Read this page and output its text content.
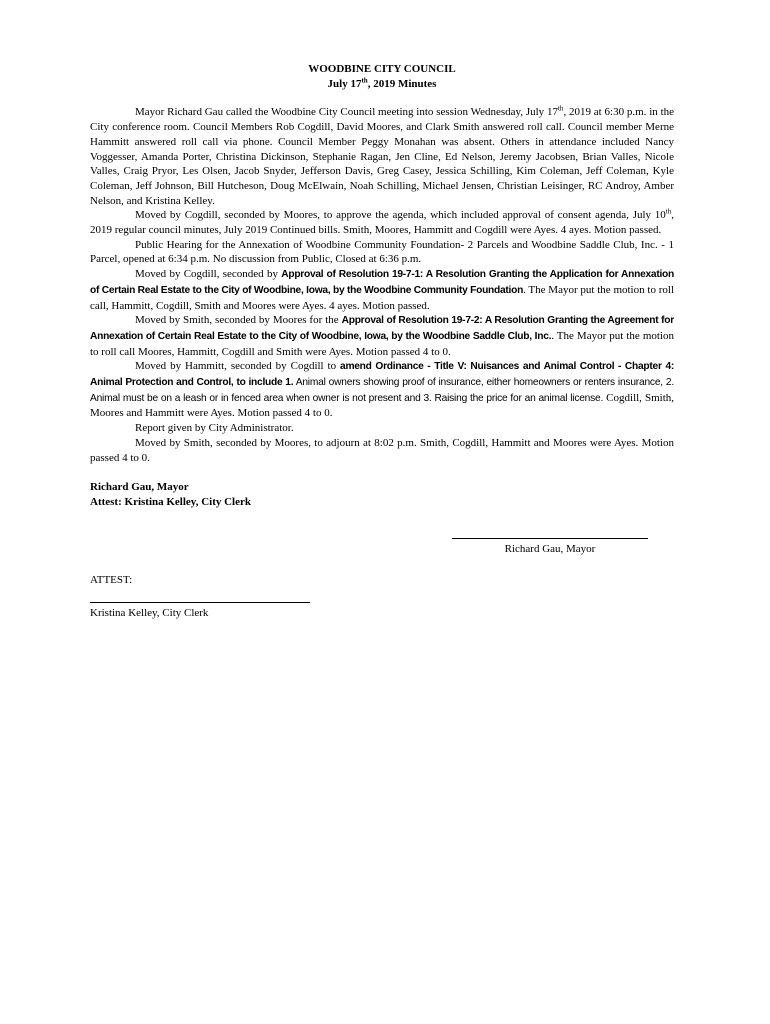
WOODBINE CITY COUNCIL
July 17th, 2019 Minutes

Mayor Richard Gau called the Woodbine City Council meeting into session Wednesday, July 17th, 2019 at 6:30 p.m. in the City conference room. Council Members Rob Cogdill, David Moores, and Clark Smith answered roll call. Council member Merne Hammitt answered roll call via phone. Council Member Peggy Monahan was absent. Others in attendance included Nancy Voggesser, Amanda Porter, Christina Dickinson, Stephanie Ragan, Jen Cline, Ed Nelson, Jeremy Jacobsen, Brian Valles, Nicole Valles, Craig Pryor, Les Olsen, Jacob Snyder, Jefferson Davis, Greg Casey, Jessica Schilling, Kim Coleman, Jeff Coleman, Kyle Coleman, Jeff Johnson, Bill Hutcheson, Doug McElwain, Noah Schilling, Michael Jensen, Christian Leisinger, RC Androy, Amber Nelson, and Kristina Kelley.

Moved by Cogdill, seconded by Moores, to approve the agenda, which included approval of consent agenda, July 10th, 2019 regular council minutes, July 2019 Continued bills. Smith, Moores, Hammitt and Cogdill were Ayes. 4 ayes. Motion passed.

Public Hearing for the Annexation of Woodbine Community Foundation- 2 Parcels and Woodbine Saddle Club, Inc. - 1 Parcel, opened at 6:34 p.m. No discussion from Public, Closed at 6:36 p.m.

Moved by Cogdill, seconded by Approval of Resolution 19-7-1: A Resolution Granting the Application for Annexation of Certain Real Estate to the City of Woodbine, Iowa, by the Woodbine Community Foundation. The Mayor put the motion to roll call, Hammitt, Cogdill, Smith and Moores were Ayes. 4 ayes. Motion passed.

Moved by Smith, seconded by Moores for the Approval of Resolution 19-7-2: A Resolution Granting the Agreement for Annexation of Certain Real Estate to the City of Woodbine, Iowa, by the Woodbine Saddle Club, Inc.. The Mayor put the motion to roll call Moores, Hammitt, Cogdill and Smith were Ayes. Motion passed 4 to 0.

Moved by Hammitt, seconded by Cogdill to amend Ordinance - Title V: Nuisances and Animal Control - Chapter 4: Animal Protection and Control, to include 1. Animal owners showing proof of insurance, either homeowners or renters insurance, 2. Animal must be on a leash or in fenced area when owner is not present and 3. Raising the price for an animal license. Cogdill, Smith, Moores and Hammitt were Ayes. Motion passed 4 to 0.

Report given by City Administrator.

Moved by Smith, seconded by Moores, to adjourn at 8:02 p.m. Smith, Cogdill, Hammitt and Moores were Ayes. Motion passed 4 to 0.

Richard Gau, Mayor
Attest: Kristina Kelley, City Clerk
Richard Gau, Mayor
ATTEST:
Kristina Kelley, City Clerk
